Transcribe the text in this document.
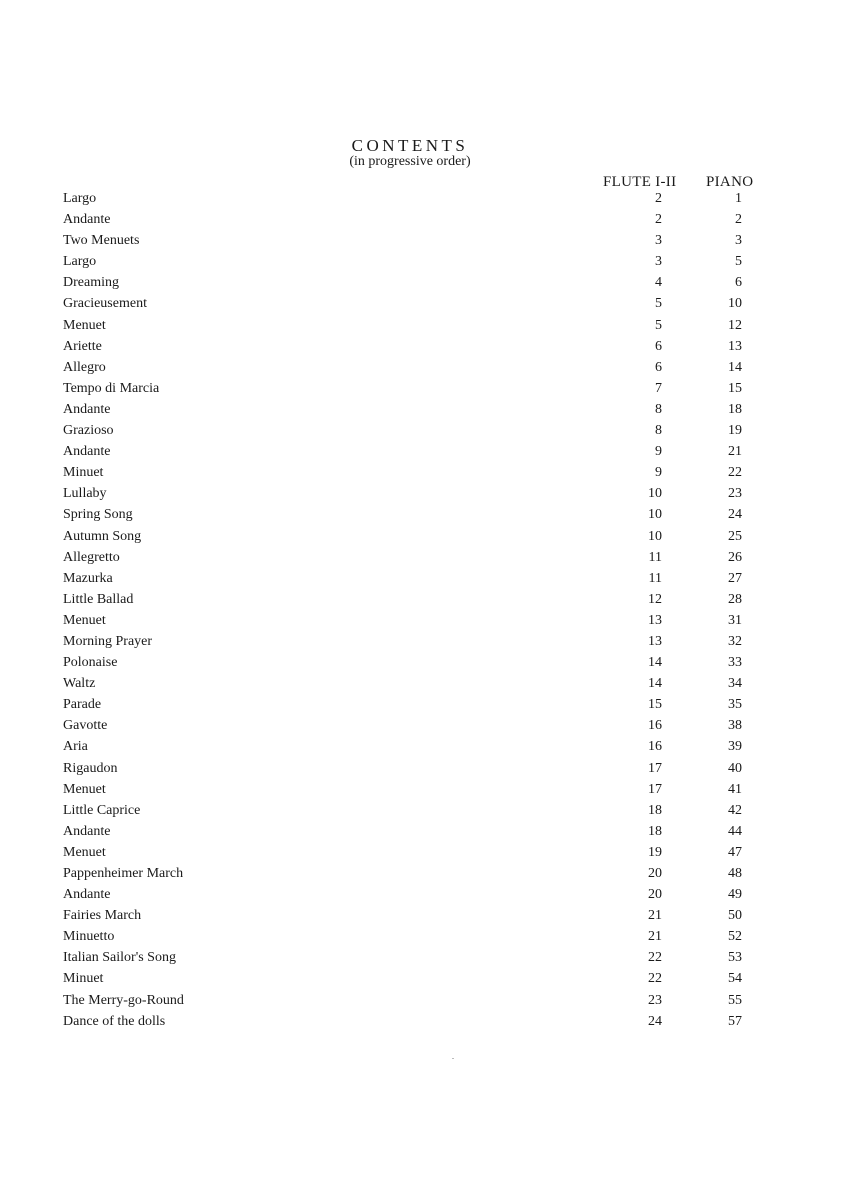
CONTENTS
(in progressive order)
FLUTE I-II PIANO
Largo	2	1
Andante	2	2
Two Menuets	3	3
Largo	3	5
Dreaming	4	6
Gracieusement	5	10
Menuet	5	12
Ariette	6	13
Allegro	6	14
Tempo di Marcia	7	15
Andante	8	18
Grazioso	8	19
Andante	9	21
Minuet	9	22
Lullaby	10	23
Spring Song	10	24
Autumn Song	10	25
Allegretto	11	26
Mazurka	11	27
Little Ballad	12	28
Menuet	13	31
Morning Prayer	13	32
Polonaise	14	33
Waltz	14	34
Parade	15	35
Gavotte	16	38
Aria	16	39
Rigaudon	17	40
Menuet	17	41
Little Caprice	18	42
Andante	18	44
Menuet	19	47
Pappenheimer March	20	48
Andante	20	49
Fairies March	21	50
Minuetto	21	52
Italian Sailor's Song	22	53
Minuet	22	54
The Merry-go-Round	23	55
Dance of the dolls	24	57
